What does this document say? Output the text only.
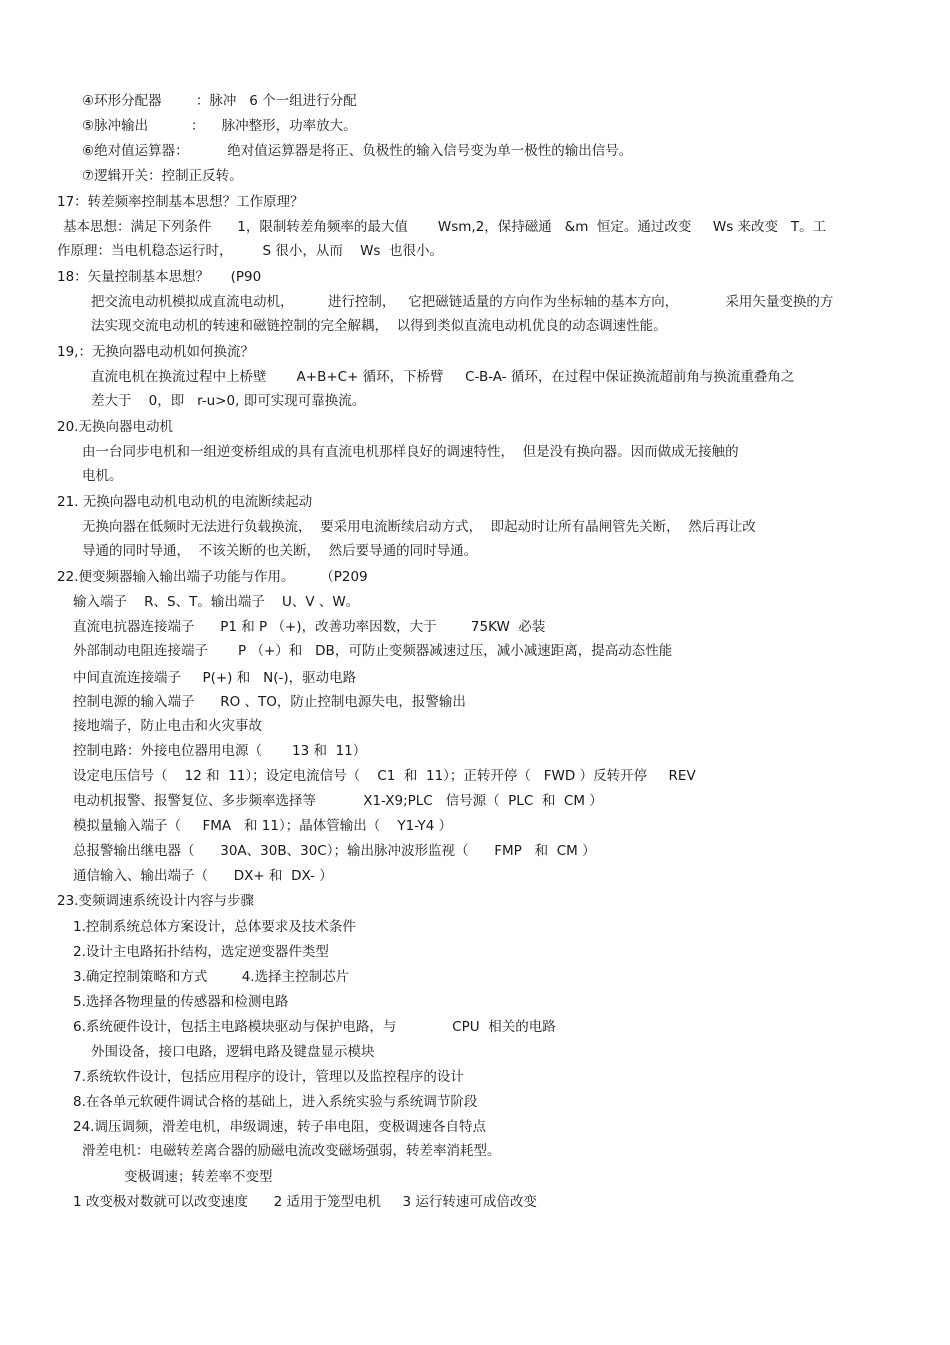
④环形分配器        ：脉冲   6 个一组进行分配
⑤脉冲输出          ：    脉冲整形，功率放大。
⑥绝对值运算器：         绝对值运算器是将正、负极性的输入信号变为单一极性的输出信号。
⑦逻辑开关：控制正反转。
17：转差频率控制基本思想？工作原理？
基本思想：满足下列条件      1，限制转差角频率的最大值       Wsm,2，保持磁通   &m  恒定。通过改变     Ws 来改变   T。工
作原理：当电机稳态运行时，       S 很小，从而    Ws  也很小。
18：矢量控制基本思想？     (P90
把交流电动机模拟成直流电动机，        进行控制，   它把磁链适量的方向作为坐标轴的基本方向，           采用矢量变换的方
法实现交流电动机的转速和磁链控制的完全解耦，  以得到类似直流电动机优良的动态调速性能。
19,：无换向器电动机如何换流？
直流电机在换流过程中上桥壁       A+B+C+ 循环，下桥臂     C-B-A- 循环，在过程中保证换流超前角与换流重叠角之
差大于    0，即   r-u>0, 即可实现可靠换流。
20.无换向器电动机
由一台同步电机和一组逆变桥组成的具有直流电机那样良好的调速特性，  但是没有换向器。因而做成无接触的
电机。
21. 无换向器电动机电动机的电流断续起动
无换向器在低频时无法进行负载换流，  要采用电流断续启动方式，  即起动时让所有晶闸管先关断，  然后再让改
导通的同时导通，  不该关断的也关断，  然后要导通的同时导通。
22.便变频器输入输出端子功能与作用。      （P209
输入端子    R、S、T。输出端子    U、V 、W。
直流电抗器连接端子      P1 和 P （+)，改善功率因数，大于        75KW  必装
外部制动电阻连接端子       P （+）和   DB，可防止变频器减速过压，减小减速距离，提高动态性能
中间直流连接端子     P(+) 和   N(-)，驱动电路
控制电源的输入端子      RO 、TO，防止控制电源失电，报警输出
接地端子，防止电击和火灾事故
控制电路：外接电位器用电源（       13 和  11）
设定电压信号（    12 和  11）；设定电流信号（    C1  和  11）；正转开停（   FWD ）反转开停     REV
电动机报警、报警复位、多步频率选择等           X1-X9;PLC   信号源（  PLC  和  CM ）
模拟量输入端子（     FMA   和 11）；晶体管输出（    Y1-Y4 ）
总报警输出继电器（      30A、30B、30C）；输出脉冲波形监视（      FMP   和  CM ）
通信输入、输出端子（      DX+ 和  DX- ）
23.变频调速系统设计内容与步骤
1.控制系统总体方案设计，总体要求及技术条件
2.设计主电路拓扑结构，选定逆变器件类型
3.确定控制策略和方式        4.选择主控制芯片
5.选择各物理量的传感器和检测电路
6.系统硬件设计，包括主电路模块驱动与保护电路，与             CPU  相关的电路
外围设备，接口电路，逻辑电路及键盘显示模块
7.系统软件设计，包括应用程序的设计，管理以及监控程序的设计
8.在各单元软硬件调试合格的基础上，进入系统实验与系统调节阶段
24.调压调频，滑差电机，串级调速，转子串电阻，变极调速各自特点
滑差电机：电磁转差离合器的励磁电流改变磁场强弱，转差率消耗型。
变极调速；转差率不变型
1 改变极对数就可以改变速度      2 适用于笼型电机     3 运行转速可成倍改变
